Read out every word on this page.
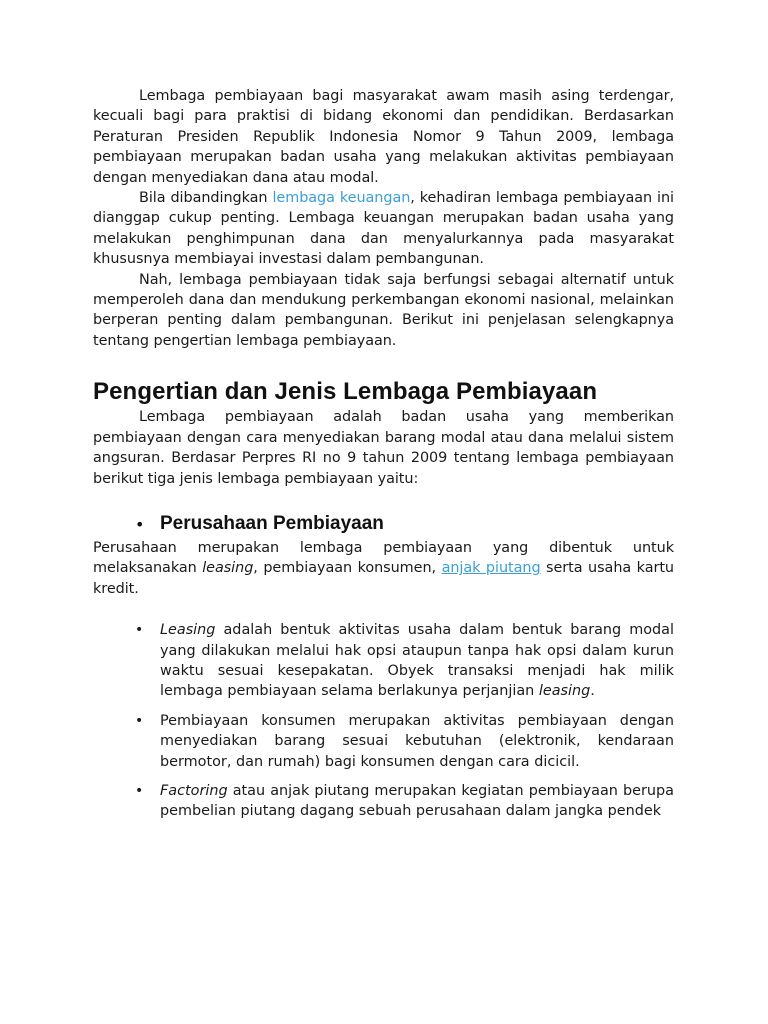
Lembaga pembiayaan bagi masyarakat awam masih asing terdengar, kecuali bagi para praktisi di bidang ekonomi dan pendidikan. Berdasarkan Peraturan Presiden Republik Indonesia Nomor 9 Tahun 2009, lembaga pembiayaan merupakan badan usaha yang melakukan aktivitas pembiayaan dengan menyediakan dana atau modal.

Bila dibandingkan lembaga keuangan, kehadiran lembaga pembiayaan ini dianggap cukup penting. Lembaga keuangan merupakan badan usaha yang melakukan penghimpunan dana dan menyalurkannya pada masyarakat khususnya membiayai investasi dalam pembangunan.

Nah, lembaga pembiayaan tidak saja berfungsi sebagai alternatif untuk memperoleh dana dan mendukung perkembangan ekonomi nasional, melainkan berperan penting dalam pembangunan. Berikut ini penjelasan selengkapnya tentang pengertian lembaga pembiayaan.

Pengertian dan Jenis Lembaga Pembiayaan

Lembaga pembiayaan adalah badan usaha yang memberikan pembiayaan dengan cara menyediakan barang modal atau dana melalui sistem angsuran. Berdasar Perpres RI no 9 tahun 2009 tentang lembaga pembiayaan berikut tiga jenis lembaga pembiayaan yaitu:

• Perusahaan Pembiayaan

Perusahaan merupakan lembaga pembiayaan yang dibentuk untuk melaksanakan leasing, pembiayaan konsumen, anjak piutang serta usaha kartu kredit.

• Leasing adalah bentuk aktivitas usaha dalam bentuk barang modal yang dilakukan melalui hak opsi ataupun tanpa hak opsi dalam kurun waktu sesuai kesepakatan. Obyek transaksi menjadi hak milik lembaga pembiayaan selama berlakunya perjanjian leasing.

• Pembiayaan konsumen merupakan aktivitas pembiayaan dengan menyediakan barang sesuai kebutuhan (elektronik, kendaraan bermotor, dan rumah) bagi konsumen dengan cara dicicil.

• Factoring atau anjak piutang merupakan kegiatan pembiayaan berupa pembelian piutang dagang sebuah perusahaan dalam jangka pendek
